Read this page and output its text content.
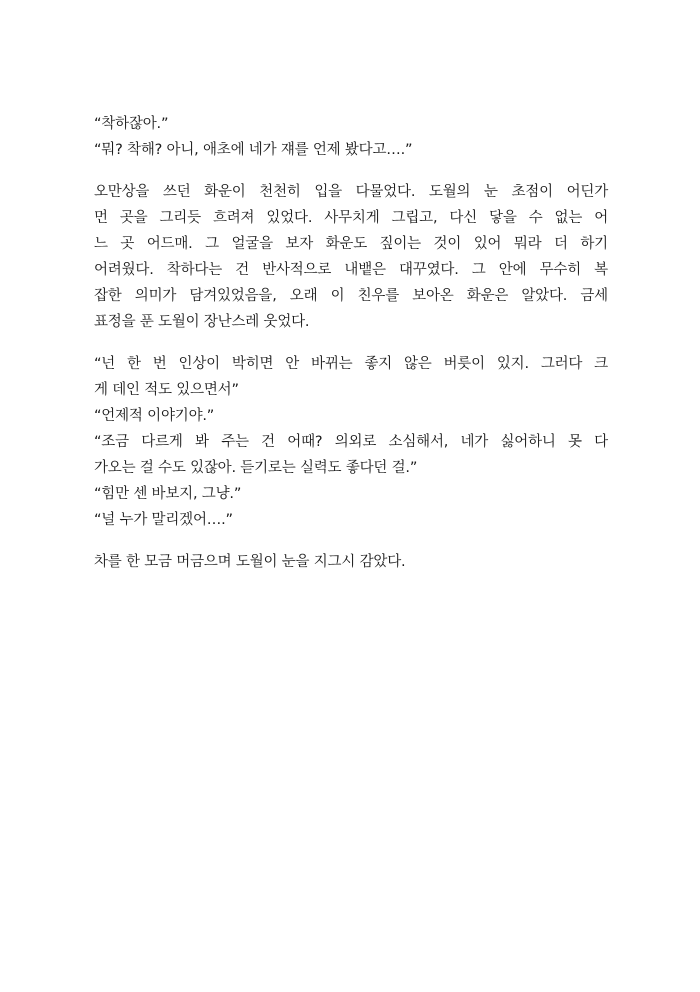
“착하잖아.”
“뭐? 착해? 아니, 애초에 네가 쟤를 언제 봤다고….”
오만상을 쓰던 화운이 천천히 입을 다물었다. 도월의 눈 초점이 어딘가
먼 곳을 그리듯 흐려져 있었다. 사무치게 그립고, 다신 닿을 수 없는 어
느 곳 어드매. 그 얼굴을 보자 화운도 짚이는 것이 있어 뭐라 더 하기
어려웠다. 착하다는 건 반사적으로 내뱉은 대꾸였다. 그 안에 무수히 복
잡한 의미가 담겨있었음을, 오래 이 친우를 보아온 화운은 알았다. 금세
표정을 푼 도월이 장난스레 웃었다.
“넌 한 번 인상이 박히면 안 바뀌는 좋지 않은 버릇이 있지. 그러다 크
게 데인 적도 있으면서”
“언제적 이야기야.”
“조금 다르게 봐 주는 건 어때? 의외로 소심해서, 네가 싫어하니 못 다
가오는 걸 수도 있잖아. 듣기로는 실력도 좋다던 걸.”
“힘만 센 바보지, 그냥.”
“널 누가 말리겠어….”
차를 한 모금 머금으며 도월이 눈을 지그시 감았다.
